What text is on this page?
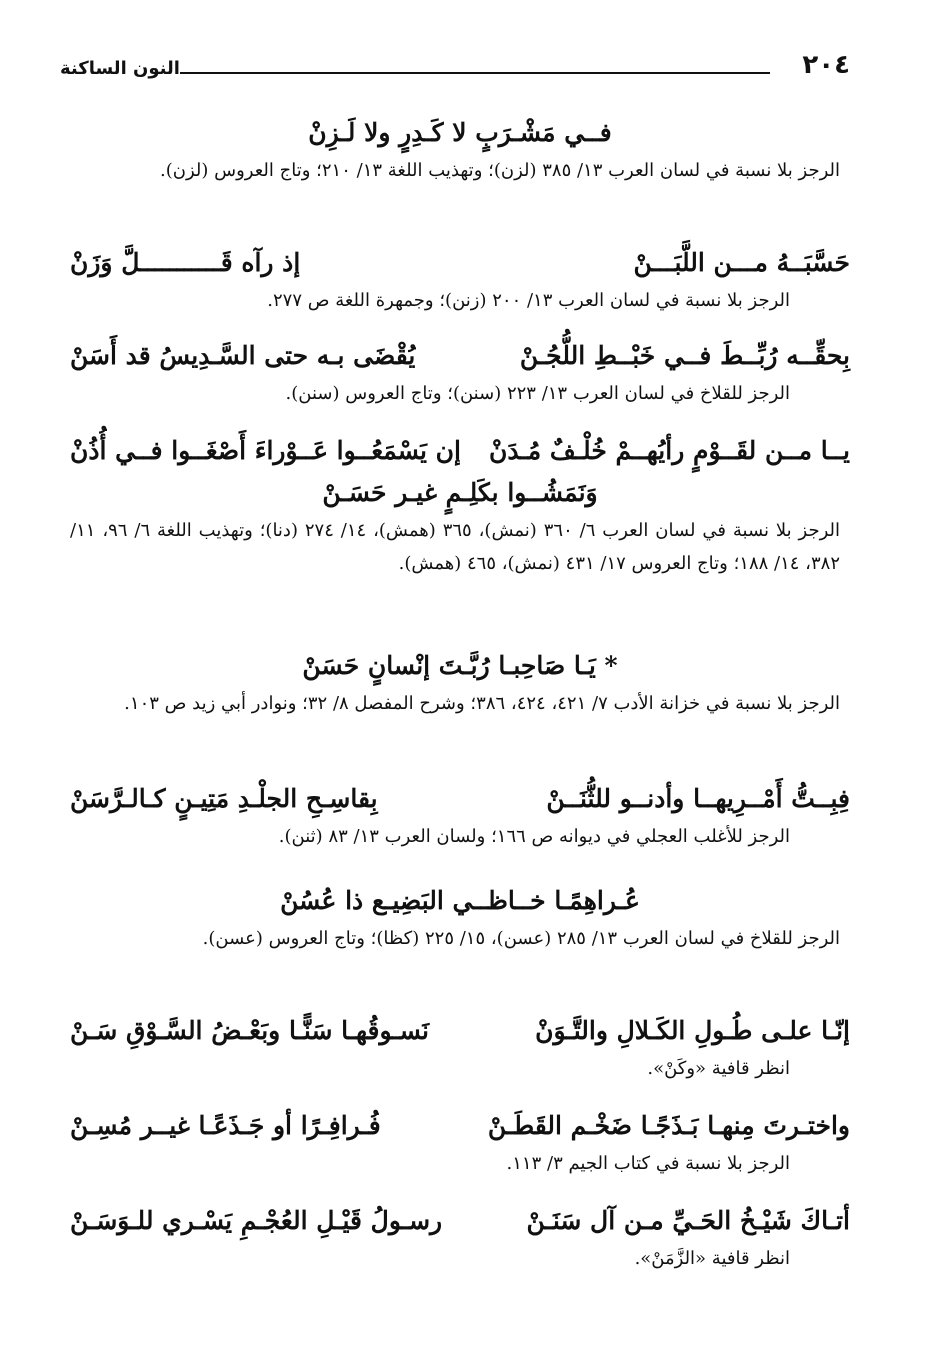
٢٠٤
النون الساكنة
فــي مَشْـرَبٍ لا كَـدِرٍ ولا لَـزِنْ
الرجز بلا نسبة في لسان العرب ١٣/ ٣٨٥ (لزن)؛ وتهذيب اللغة ١٣/ ٢١٠؛ وتاج العروس (لزن).
حَسَّبَــهُ مـــن اللَّبَـــنْ
إذ رآه قَـــــــــــلَّ وَزَنْ
الرجز بلا نسبة في لسان العرب ١٣/ ٢٠٠ (زنن)؛ وجمهرة اللغة ص ٢٧٧.
بِحقِّــه رُبِّــطَ فــي خَبْــطِ اللُّجُـنْ
يُقْضَى بـه حتى السَّـدِيسُ قد أَسَنْ
الرجز للقلاخ في لسان العرب ١٣/ ٢٢٣ (سنن)؛ وتاج العروس (سنن).
يــا مــن لقَــوْمٍ رأيُهــمْ خُلْـفٌ مُـدَنْ
إن يَسْمَعُــوا عَــوْراءَ أَصْغَــوا فــي أُذُنْ
وَنَمَشُــوا بكَلِـمٍ غيـر حَسَـنْ
الرجز بلا نسبة في لسان العرب ٦/ ٣٦٠ (نمش)، ٣٦٥ (همش)، ١٤/ ٢٧٤ (دنا)؛ وتهذيب اللغة ٦/ ٩٦، ١١/ ٣٨٢، ١٤/ ١٨٨؛ وتاج العروس ١٧/ ٤٣١ (نمش)، ٤٦٥ (همش).
* يَـا صَاحِبـا رُبَّـتَ إنْسانٍ حَسَنْ
الرجز بلا نسبة في خزانة الأدب ٧/ ٤٢١، ٤٢٤، ٣٨٦؛ وشرح المفصل ٨/ ٣٢؛ ونوادر أبي زيد ص ١٠٣.
فِبِــتُّ أَمْــرِيهــا وأدنــو للثُّنَــنْ
بِقاسِـحِ الجلْـدِ مَتِيـنٍ كـالـرَّسَنْ
الرجز للأغلب العجلي في ديوانه ص ١٦٦؛ ولسان العرب ١٣/ ٨٣ (ثنن).
عُـراهِمًـا خــاظــي البَضِيـع ذا عُسُنْ
الرجز للقلاخ في لسان العرب ١٣/ ٢٨٥ (عسن)، ١٥/ ٢٢٥ (كظا)؛ وتاج العروس (عسن).
إنّـا علـى طُـولِ الكَـلالِ والتَّـوَنْ
نَسـوقُهـا سَنًّـا وبَعْـضُ السَّـوْقِ سَـنْ
انظر قافية «وكَنْ».
واختـرتَ مِنهـا بَـذَجًـا ضَخْـم القَطَـنْ
فُـرافِـرًا أو جَـذَعًـا غيــر مُسِـنْ
الرجز بلا نسبة في كتاب الجيم ٣/ ١١٣.
أتـاكَ شَيْـخُ الحَـيِّ مـن آل سَنَـنْ
رسـولُ قَيْـلِ العُجْـمِ يَسْـري للـوَسَـنْ
انظر قافية «الزَّمَنْ».
